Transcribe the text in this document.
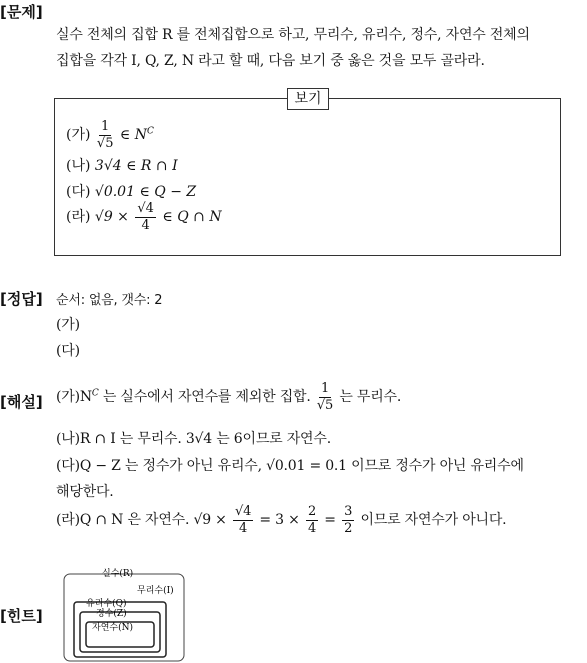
[문제]
실수 전체의 집합 R 를 전체집합으로 하고, 무리수, 유리수, 정수, 자연수 전체의
집합을 각각 I, Q, Z, N 라고 할 때, 다음 보기 중 옳은 것을 모두 골라라.
보기
(가) $\frac{1}{√5}$ ∈ $N^C$
(나) 3√4 ∈ R ∩ I
(다) √0.01 ∈ Q − Z
(라) $√9 \times \frac{√4}{4}$ ∈ Q ∩ N
[정답] 순서: 없음, 갯수: 2
(가)
(다)
[해설] (가)$N^C$ 는 실수에서 자연수를 제외한 집합. $\frac{1}{√5}$ 는 무리수.
(나)R ∩ I 는 무리수. 3√4 는 6이므로 자연수.
(다)Q − Z 는 정수가 아닌 유리수, √0.01 = 0.1 이므로 정수가 아닌 유리수에
해당한다.
(라)Q ∩ N 은 자연수. $√9 \times \frac{√4}{4} = 3 \times \frac{2}{4} = \frac{3}{2}$ 이므로 자연수가 아니다.
[힌트]
실수(R)
무리수(I)
유리수(Q)
정수(Z)
자연수(N)
